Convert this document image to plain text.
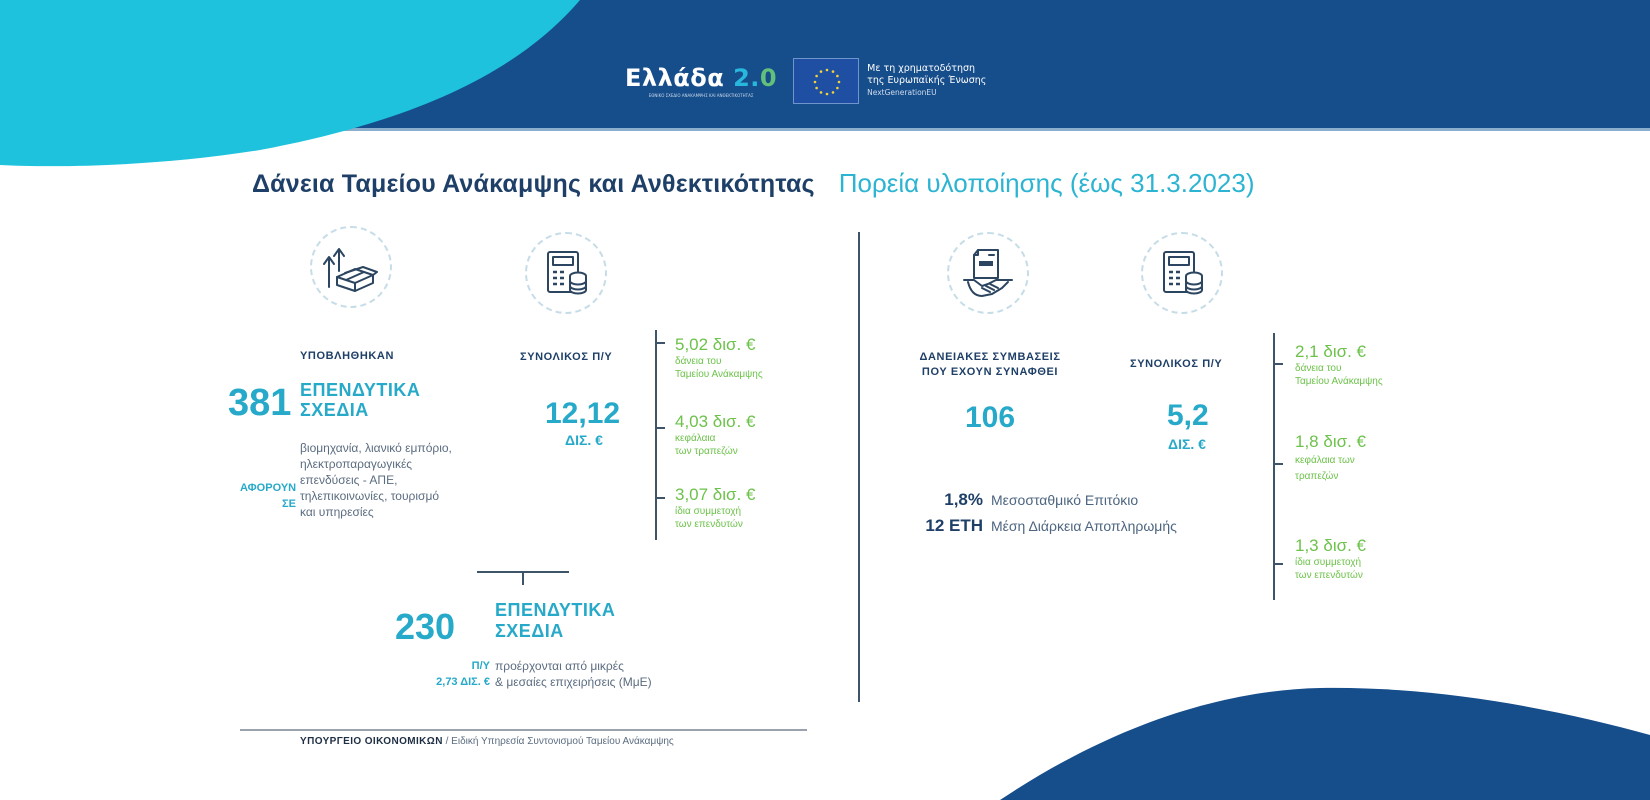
Ελλάδα 2.0
ΕΘΝΙΚΟ ΣΧΕΔΙΟ ΑΝΑΚΑΜΨΗΣ ΚΑΙ ΑΝΘΕΚΤΙΚΟΤΗΤΑΣ
Με τη χρηματοδότηση
της Ευρωπαϊκής Ένωσης
NextGenerationEU
Δάνεια Ταμείου Ανάκαμψης και Ανθεκτικότητας Πορεία υλοποίησης (έως 31.3.2023)
ΥΠΟΒΛΗΘΗΚΑΝ
381 ΕΠΕΝΔΥΤΙΚΑ
ΣΧΕΔΙΑ
ΑΦΟΡΟΥΝ
ΣΕ
βιομηχανία, λιανικό εμπόριο,
ηλεκτροπαραγωγικές
επενδύσεις - ΑΠΕ,
τηλεπικοινωνίες, τουρισμό
και υπηρεσίες
ΣΥΝΟΛΙΚΟΣ Π/Υ
12,12
ΔΙΣ. €
5,02 δισ. €
δάνεια του
Ταμείου Ανάκαμψης
4,03 δισ. €
κεφάλαια
των τραπεζών
3,07 δισ. €
ίδια συμμετοχή
των επενδυτών
230 ΕΠΕΝΔΥΤΙΚΑ
ΣΧΕΔΙΑ
Π/Υ
2,73 ΔΙΣ. €
προέρχονται από μικρές
& μεσαίες επιχειρήσεις (ΜμΕ)
ΥΠΟΥΡΓΕΙΟ ΟΙΚΟΝΟΜΙΚΩΝ / Ειδική Υπηρεσία Συντονισμού Ταμείου Ανάκαμψης
ΔΑΝΕΙΑΚΕΣ ΣΥΜΒΑΣΕΙΣ
ΠΟΥ ΕΧΟΥΝ ΣΥΝΑΦΘΕΙ
106
ΣΥΝΟΛΙΚΟΣ Π/Υ
5,2
ΔΙΣ. €
2,1 δισ. €
δάνεια του
Ταμείου Ανάκαμψης
1,8 δισ. €
κεφάλαια των
τραπεζών
1,3 δισ. €
ίδια συμμετοχή
των επενδυτών
1,8% Μεσοσταθμικό Επιτόκιο
12 ΕΤΗ Μέση Διάρκεια Αποπληρωμής
